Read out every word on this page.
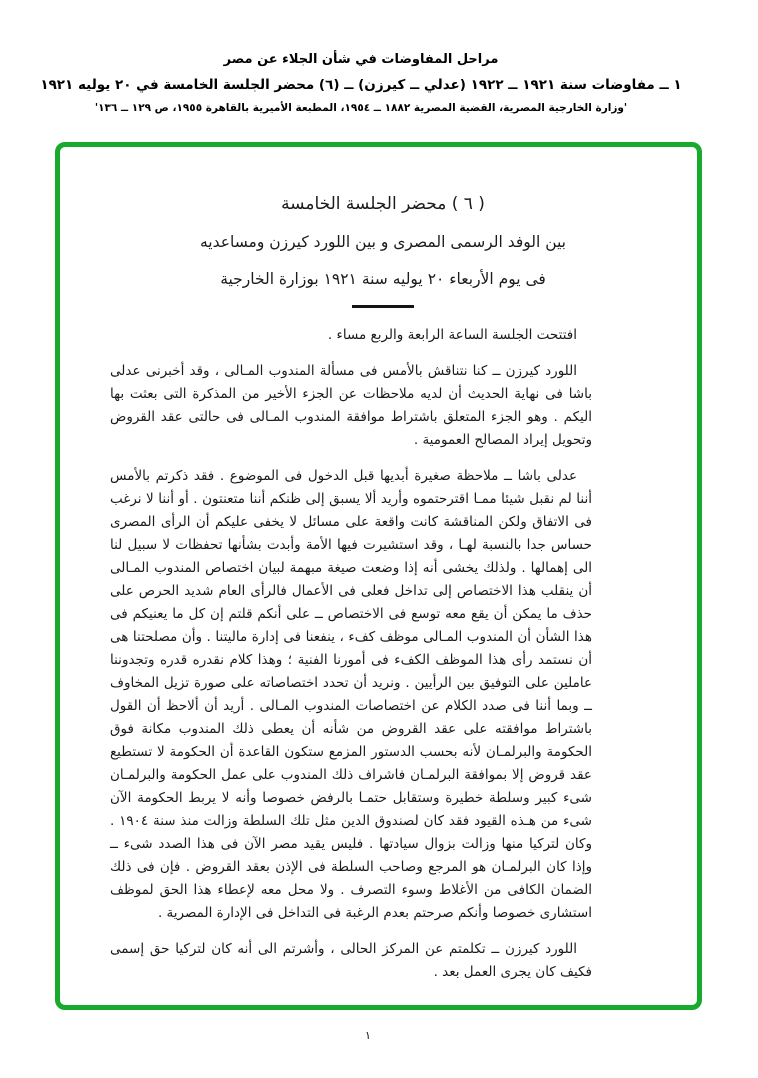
مراحل المفاوضات في شأن الجلاء عن مصر
١ ــ مفاوضات سنة ١٩٢١ ــ ١٩٢٢ (عدلي ــ كيرزن) ــ (٦) محضر الجلسة الخامسة في ٢٠ يوليه ١٩٢١
'وزارة الخارجية المصرية، القضية المصرية ١٨٨٢ ــ ١٩٥٤، المطبعة الأميرية بالقاهرة ١٩٥٥، ص ١٢٩ ــ ١٣٦'
( ٦ ) محضر الجلسة الخامسة
بين الوفد الرسمى المصرى و بين اللورد كيرزن ومساعديه
فى يوم الأربعاء ٢٠ يوليه سنة ١٩٢١ بوزارة الخارجية

افتتحت الجلسة الساعة الرابعة والربع مساء .

اللورد كيرزن ــ كنا نتناقش بالأمس فى مسألة المندوب المـالى ، وقد أخبرنى عدلى باشا فى نهاية الحديث أن لديه ملاحظات عن الجزء الأخير من المذكرة التى بعثت بها اليكم . وهو الجزء المتعلق باشتراط موافقة المندوب المـالى فى حالتى عقد القروض وتحويل إيراد المصالح العمومية .

عدلى باشا ــ ملاحظة صغيرة أبديها قبل الدخول فى الموضوع . فقد ذكرتم بالأمس أننا لم نقبل شيئا ممـا اقترحتموه وأريد ألا يسبق إلى ظنكم أننا متعنتون . أو أننا لا نرغب فى الاتفاق ولكن المناقشة كانت واقعة على مسائل لا يخفى عليكم أن الرأى المصرى حساس جدا بالنسبة لهـا ، وقد استشيرت فيها الأمة وأبدت بشأنها تحفظات لا سبيل لنا الى إهمالها . ولذلك يخشى أنه إذا وضعت صيغة مبهمة لبيان اختصاص المندوب المـالى أن ينقلب هذا الاختصاص إلى تداخل فعلى فى الأعمال فالرأى العام شديد الحرص على حذف ما يمكن أن يقع معه توسع فى الاختصاص ــ على أنكم قلتم إن كل ما يعنيكم فى هذا الشأن أن المندوب المـالى موظف كفء ، ينفعنا فى إدارة ماليتنا . وأن مصلحتنا هى أن نستمد رأى هذا الموظف الكفء فى أمورنا الفنية ؛ وهذا كلام نقدره قدره وتجدوننا عاملين على التوفيق بين الرأيين . ونريد أن تحدد اختصاصاته على صورة تزيل المخاوف ــ وبما أننا فى صدد الكلام عن اختصاصات المندوب المـالى . أريد أن ألاحظ أن القول باشتراط موافقته على عقد القروض من شأنه أن يعطى ذلك المندوب مكانة فوق الحكومة والبرلمـان لأنه بحسب الدستور المزمع ستكون القاعدة أن الحكومة لا تستطيع عقد قروض إلا بموافقة البرلمـان فاشراف ذلك المندوب على عمل الحكومة والبرلمـان شىء كبير وسلطة خطيرة وستقابل حتمـا بالرفض خصوصا وأنه لا يربط الحكومة الآن شىء من هـذه القيود فقد كان لصندوق الدين مثل تلك السلطة وزالت منذ سنة ١٩٠٤ . وكان لتركيا منها وزالت بزوال سيادتها . فليس يقيد مصر الآن فى هذا الصدد شىء ــ وإذا كان البرلمـان هو المرجع وصاحب السلطة فى الإذن بعقد القروض . فإن فى ذلك الضمان الكافى من الأغلاط وسوء التصرف . ولا محل معه لإعطاء هذا الحق لموظف استشارى خصوصا وأنكم صرحتم بعدم الرغبة فى التداخل فى الإدارة المصرية .

اللورد كيرزن ــ تكلمتم عن المركز الحالى ، وأشرتم الى أنه كان لتركيا حق إسمى فكيف كان يجرى العمل بعد .

١
